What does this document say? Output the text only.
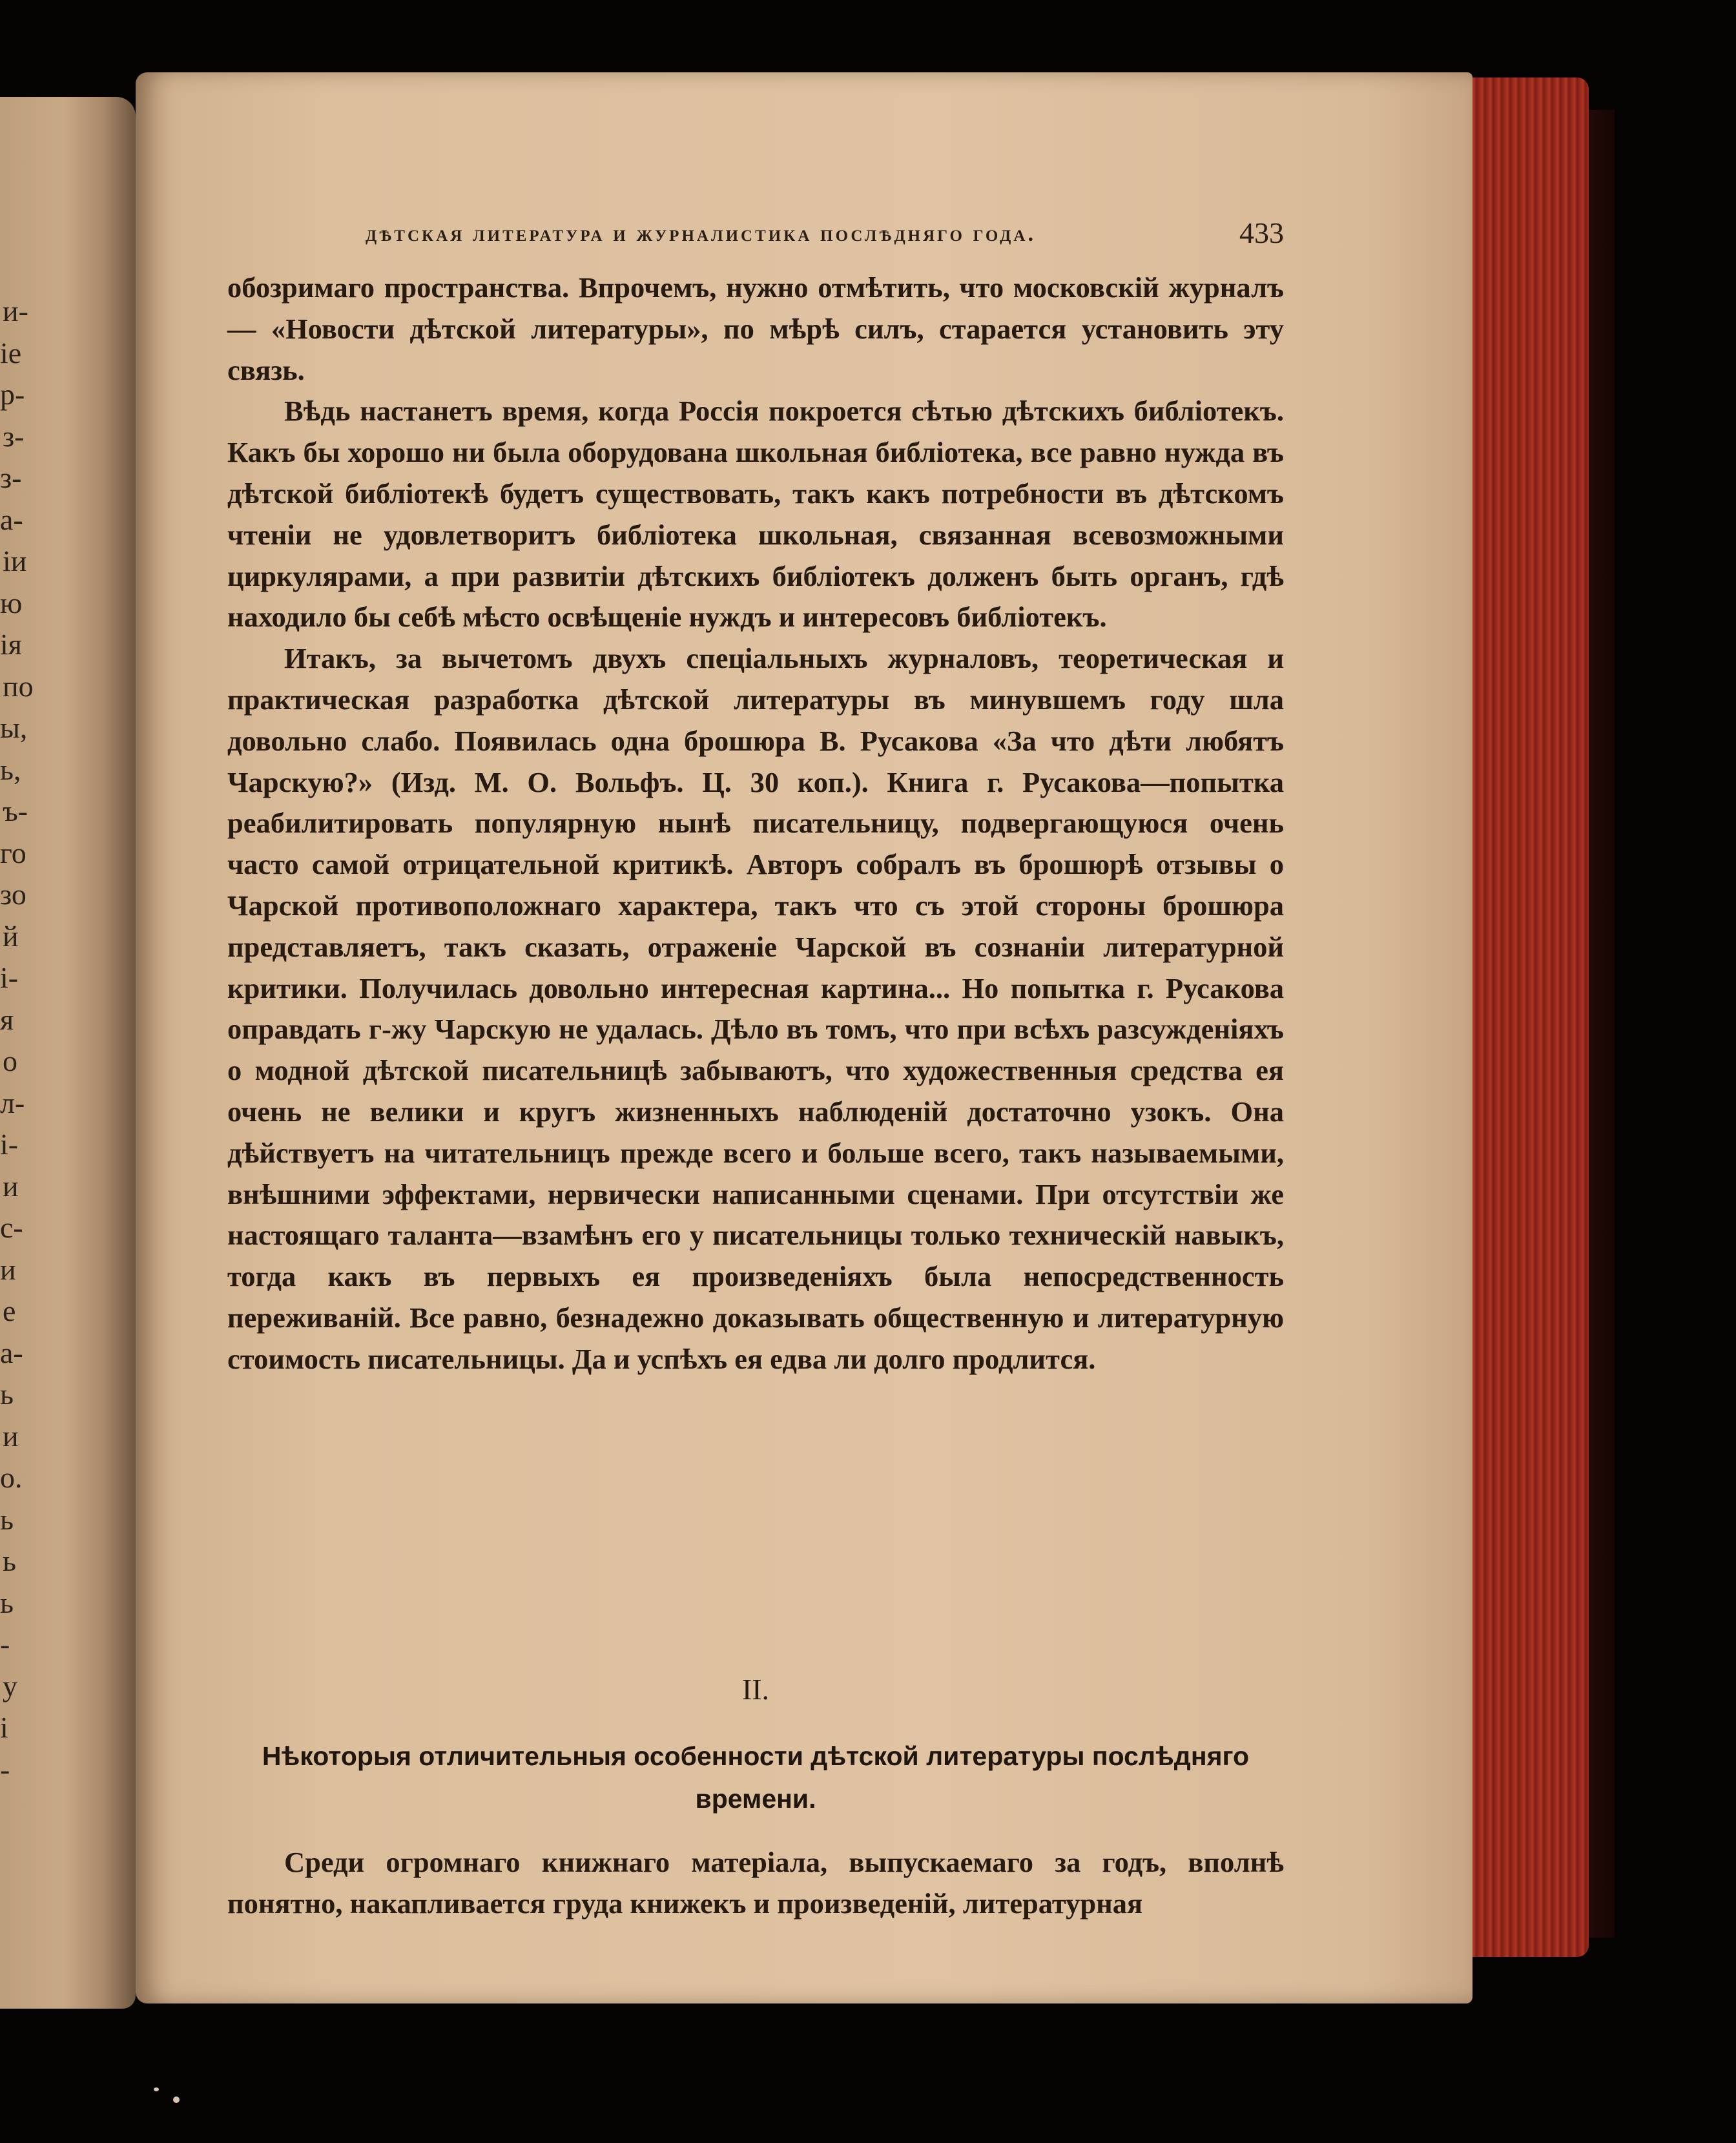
и-
іе
р-
з-
з-
а-
іи
ю
ія
по
ы,
ь,
ъ-
го
зо
й
і-
я
о
л-
і-
и
с-
и
е
а-
ь
и
о.
ь
ь
ь
-
у
і
-
дѣтская литература и журналистика послѣдняго года.	433

обозримаго пространства. Впрочемъ, нужно отмѣтить, что московскій журналъ — «Новости дѣтской литературы», по мѣрѣ силъ, старается установить эту связь.

Вѣдь настанетъ время, когда Россія покроется сѣтью дѣтскихъ библіотекъ. Какъ бы хорошо ни была оборудована школьная библіотека, все равно нужда въ дѣтской библіотекѣ будетъ существовать, такъ какъ потребности въ дѣтскомъ чтеніи не удовлетворитъ библіотека школьная, связанная всевозможными циркулярами, а при развитіи дѣтскихъ библіотекъ долженъ быть органъ, гдѣ находило бы себѣ мѣсто освѣщеніе нуждъ и интересовъ библіотекъ.

Итакъ, за вычетомъ двухъ спеціальныхъ журналовъ, теоретическая и практическая разработка дѣтской литературы въ минувшемъ году шла довольно слабо. Появилась одна брошюра В. Русакова «За что дѣти любятъ Чарскую?» (Изд. М. О. Вольфъ. Ц. 30 коп.). Книга г. Русакова—попытка реабилитировать популярную нынѣ писательницу, подвергающуюся очень часто самой отрицательной критикѣ. Авторъ собралъ въ брошюрѣ отзывы о Чарской противоположнаго характера, такъ что съ этой стороны брошюра представляетъ, такъ сказать, отраженіе Чарской въ сознаніи литературной критики. Получилась довольно интересная картина... Но попытка г. Русакова оправдать г-жу Чарскую не удалась. Дѣло въ томъ, что при всѣхъ разсужденіяхъ о модной дѣтской писательницѣ забываютъ, что художественныя средства ея очень не велики и кругъ жизненныхъ наблюденій достаточно узокъ. Она дѣйствуетъ на читательницъ прежде всего и больше всего, такъ называемыми, внѣшними эффектами, нервически написанными сценами. При отсутствіи же настоящаго таланта—взамѣнъ его у писательницы только техническій навыкъ, тогда какъ въ первыхъ ея произведеніяхъ была непосредственность переживаній. Все равно, безнадежно доказывать общественную и литературную стоимость писательницы. Да и успѣхъ ея едва ли долго продлится.

II.
Нѣкоторыя отличительныя особенности дѣтской литературы послѣдняго времени.

Среди огромнаго книжнаго матеріала, выпускаемаго за годъ, вполнѣ понятно, накапливается груда книжекъ и произведеній, литературная
